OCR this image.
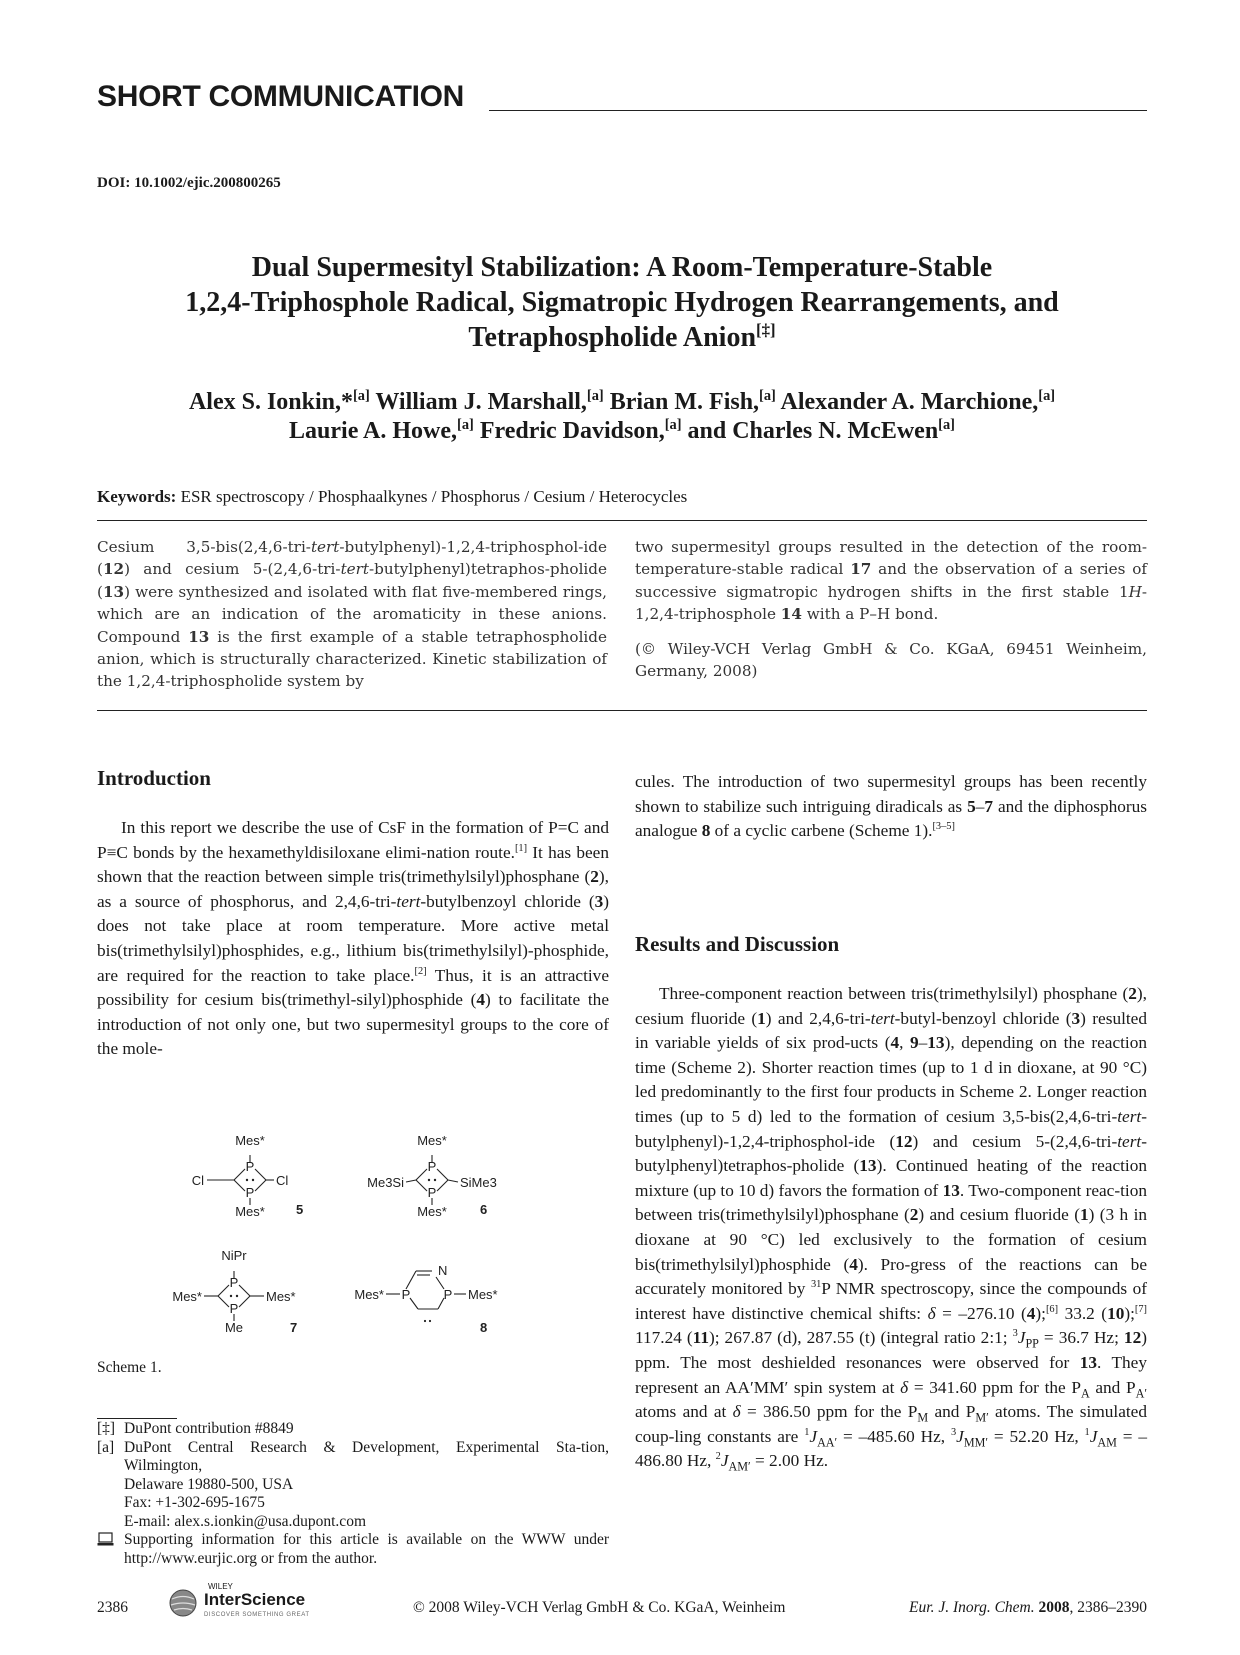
SHORT COMMUNICATION
DOI: 10.1002/ejic.200800265
Dual Supermesityl Stabilization: A Room-Temperature-Stable
1,2,4-Triphosphole Radical, Sigmatropic Hydrogen Rearrangements, and
Tetraphospholide Anion[‡]
Alex S. Ionkin,*[a] William J. Marshall,[a] Brian M. Fish,[a] Alexander A. Marchione,[a]
Laurie A. Howe,[a] Fredric Davidson,[a] and Charles N. McEwen[a]
Keywords: ESR spectroscopy / Phosphaalkynes / Phosphorus / Cesium / Heterocycles
Cesium 3,5-bis(2,4,6-tri-tert-butylphenyl)-1,2,4-triphosphol-ide (12) and cesium 5-(2,4,6-tri-tert-butylphenyl)tetraphos-pholide (13) were synthesized and isolated with flat five-membered rings, which are an indication of the aromaticity in these anions. Compound 13 is the first example of a stable tetraphospholide anion, which is structurally characterized. Kinetic stabilization of the 1,2,4-triphospholide system by

two supermesityl groups resulted in the detection of the room-temperature-stable radical 17 and the observation of a series of successive sigmatropic hydrogen shifts in the first stable 1H-1,2,4-triphosphole 14 with a P–H bond.

(© Wiley-VCH Verlag GmbH & Co. KGaA, 69451 Weinheim, Germany, 2008)

Introduction

In this report we describe the use of CsF in the formation of P=C and P≡C bonds by the hexamethyldisiloxane elimi-nation route.[1] It has been shown that the reaction between simple tris(trimethylsilyl)phosphane (2), as a source of phosphorus, and 2,4,6-tri-tert-butylbenzoyl chloride (3) does not take place at room temperature. More active metal bis(trimethylsilyl)phosphides, e.g., lithium bis(trimethylsilyl)-phosphide, are required for the reaction to take place.[2] Thus, it is an attractive possibility for cesium bis(trimethyl-silyl)phosphide (4) to facilitate the introduction of not only one, but two supermesityl groups to the core of the mole-

cules. The introduction of two supermesityl groups has been recently shown to stabilize such intriguing diradicals as 5–7 and the diphosphorus analogue 8 of a cyclic carbene (Scheme 1).[3–5]

Results and Discussion

Three-component reaction between tris(trimethylsilyl) phosphane (2), cesium fluoride (1) and 2,4,6-tri-tert-butyl-benzoyl chloride (3) resulted in variable yields of six prod-ucts (4, 9–13), depending on the reaction time (Scheme 2). Shorter reaction times (up to 1 d in dioxane, at 90 °C) led predominantly to the first four products in Scheme 2. Longer reaction times (up to 5 d) led to the formation of cesium 3,5-bis(2,4,6-tri-tert-butylphenyl)-1,2,4-triphosphol-ide (12) and cesium 5-(2,4,6-tri-tert-butylphenyl)tetraphos-pholide (13). Continued heating of the reaction mixture (up to 10 d) favors the formation of 13. Two-component reac-tion between tris(trimethylsilyl)phosphane (2) and cesium fluoride (1) (3 h in dioxane at 90 °C) led exclusively to the formation of cesium bis(trimethylsilyl)phosphide (4). Pro-gress of the reactions can be accurately monitored by $^{31}$P NMR spectroscopy, since the compounds of interest have distinctive chemical shifts: δ = –276.10 (4);[6] 33.2 (10);[7] 117.24 (11); 267.87 (d), 287.55 (t) (integral ratio 2:1; $^3J_{PP} = 36.7$ Hz; 12) ppm. The most deshielded resonances were observed for 13. They represent an AA′MM′ spin system at δ = 341.60 ppm for the $P_A$ and $P_{A'}$ atoms and at δ = 386.50 ppm for the $P_M$ and $P_{M'}$ atoms. The simulated coup-ling constants are $^1J_{AA'} = -485.60$ Hz, $^3J_{MM'} = 52.20$ Hz, $^1J_{AM} = -486.80$ Hz, $^2J_{AM'} = 2.00$ Hz.

Mes*
P
P
Mes*
Cl	Cl
5
Mes*
P
P
Mes*
Me3Si	SiMe3
6
NiPr
P
P
Me
Mes*	Mes*
7
N
P	P
Mes*	Mes*
8
Scheme 1.
[‡] DuPont contribution #8849
[a] DuPont Central Research & Development, Experimental Sta-tion, Wilmington,
Delaware 19880-500, USA
Fax: +1-302-695-1675
E-mail: alex.s.ionkin@usa.dupont.com
Supporting information for this article is available on the WWW under http://www.eurjic.org or from the author.
2386
WILEY
InterScience
DISCOVER SOMETHING GREAT	© 2008 Wiley-VCH Verlag GmbH & Co. KGaA, Weinheim	Eur. J. Inorg. Chem. 2008, 2386–2390
